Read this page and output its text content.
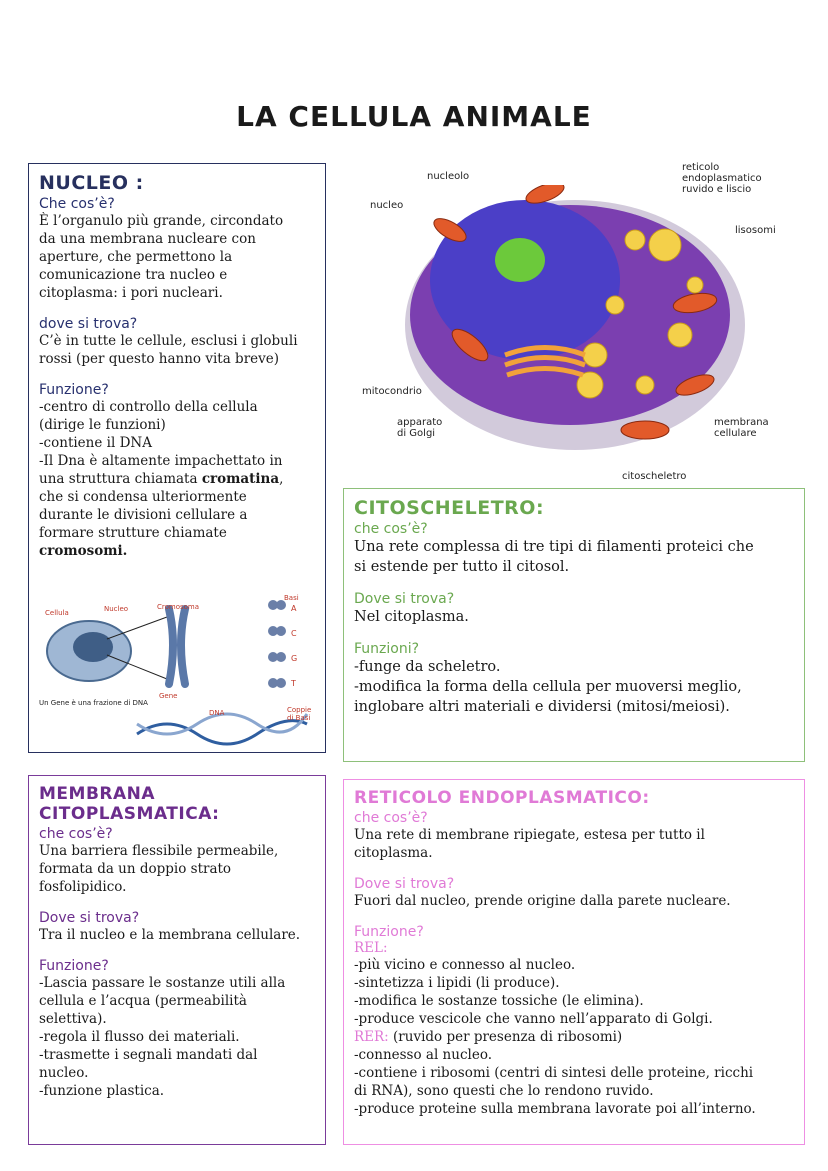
LA CELLULA ANIMALE
NUCLEO :
Che cos’è?
È l’organulo più grande, circondato
da una membrana nucleare con
aperture, che permettono la
comunicazione tra nucleo e
citoplasma: i pori nucleari.
dove si trova?
C’è in tutte le cellule, esclusi i globuli
rossi (per questo hanno vita breve)
Funzione?
-centro di controllo della cellula
(dirige le funzioni)
-contiene il DNA
-Il Dna è altamente impachettato in
una struttura chiamata cromatina,
che si condensa ulteriormente
durante le divisioni cellulare a
formare strutture chiamate
cromosomi.
Cellula	Nucleo	Cromosoma
Basi
A
C
G
T
Gene
DNA	Coppie
di Basi
Un Gene è una frazione di DNA
nucleolo
nucleo
reticolo
endoplasmatico
ruvido e liscio
lisosomi
mitocondrio
apparato
di Golgi
membrana
cellulare
citoscheletro
CITOSCHELETRO:
che cos’è?
Una rete complessa di tre tipi di filamenti proteici che
si estende per tutto il citosol.
Dove si trova?
Nel citoplasma.
Funzioni?
-funge da scheletro.
-modifica la forma della cellula per muoversi meglio,
inglobare altri materiali e dividersi (mitosi/meiosi).
MEMBRANA CITOPLASMATICA:
che cos’è?
Una barriera flessibile permeabile,
formata da un doppio strato
fosfolipidico.
Dove si trova?
Tra il nucleo e la membrana cellulare.
Funzione?
-Lascia passare le sostanze utili alla
cellula e l’acqua (permeabilità
selettiva).
-regola il flusso dei materiali.
-trasmette i segnali mandati dal
nucleo.
-funzione plastica.
RETICOLO ENDOPLASMATICO:
che cos’è?
Una rete di membrane ripiegate, estesa per tutto il
citoplasma.
Dove si trova?
Fuori dal nucleo, prende origine dalla parete nucleare.
Funzione?
REL:
-più vicino e connesso al nucleo.
-sintetizza i lipidi (li produce).
-modifica le sostanze tossiche (le elimina).
-produce vescicole che vanno nell’apparato di Golgi.
RER: (ruvido per presenza di ribosomi)
-connesso al nucleo.
-contiene i ribosomi (centri di sintesi delle proteine, ricchi
di RNA), sono questi che lo rendono ruvido.
-produce proteine sulla membrana lavorate poi all’interno.
